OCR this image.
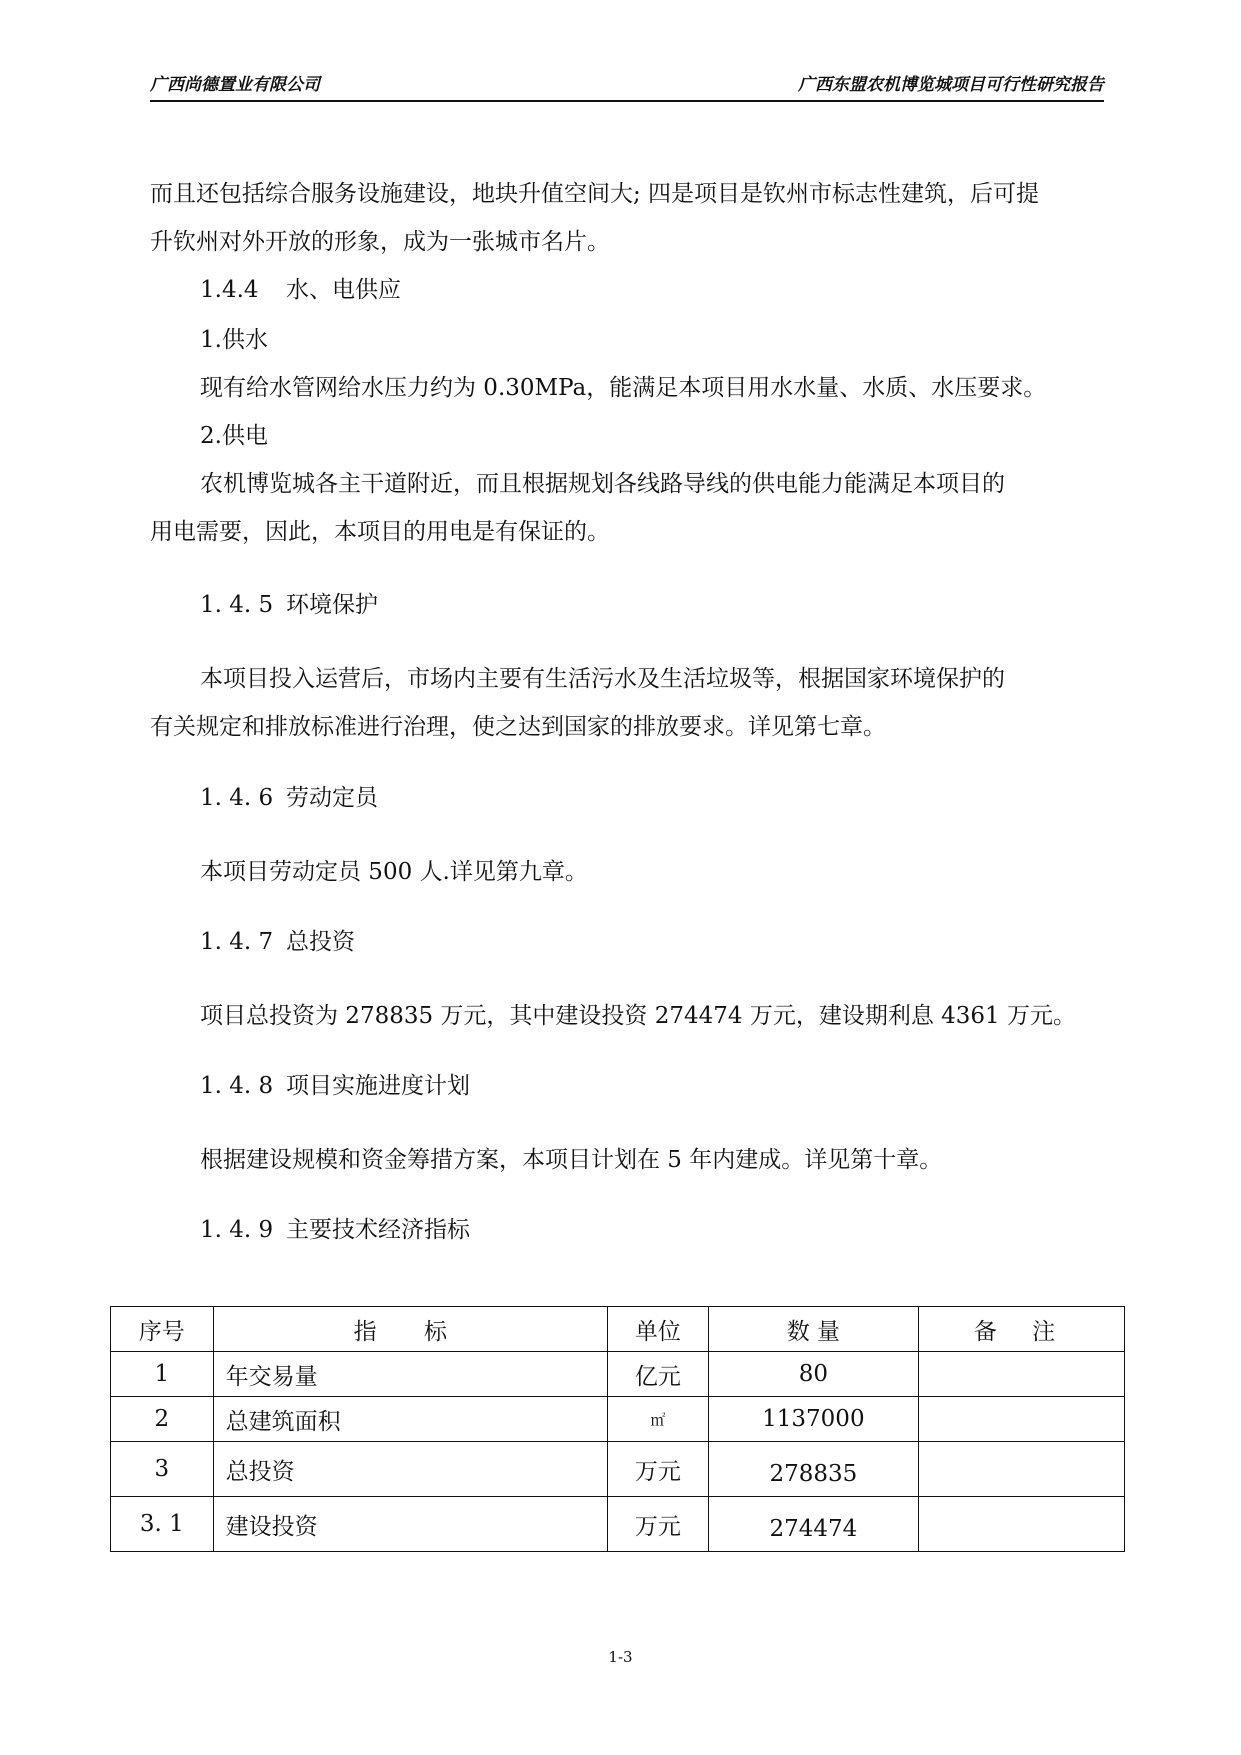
广西尚德置业有限公司	广西东盟农机博览城项目可行性研究报告
而且还包括综合服务设施建设，地块升值空间大; 四是项目是钦州市标志性建筑，后可提
升钦州对外开放的形象，成为一张城市名片。
1.4.4 水、电供应
1.供水
现有给水管网给水压力约为 0.30MPa，能满足本项目用水水量、水质、水压要求。
2.供电
农机博览城各主干道附近，而且根据规划各线路导线的供电能力能满足本项目的
用电需要，因此，本项目的用电是有保证的。
1. 4. 5 环境保护
本项目投入运营后，市场内主要有生活污水及生活垃圾等，根据国家环境保护的
有关规定和排放标准进行治理，使之达到国家的排放要求。详见第七章。
1. 4. 6 劳动定员
本项目劳动定员 500 人.详见第九章。
1. 4. 7 总投资
项目总投资为 278835 万元，其中建设投资 274474 万元，建设期利息 4361 万元。
1. 4. 8 项目实施进度计划
根据建设规模和资金筹措方案，本项目计划在 5 年内建成。详见第十章。
1. 4. 9 主要技术经济指标
序号	指 标	单位	数 量	备 注
1	年交易量	亿元	80	
2	总建筑面积	㎡	1137000	
3	总投资	万元	278835	
3. 1	建设投资	万元	274474	
1-3
